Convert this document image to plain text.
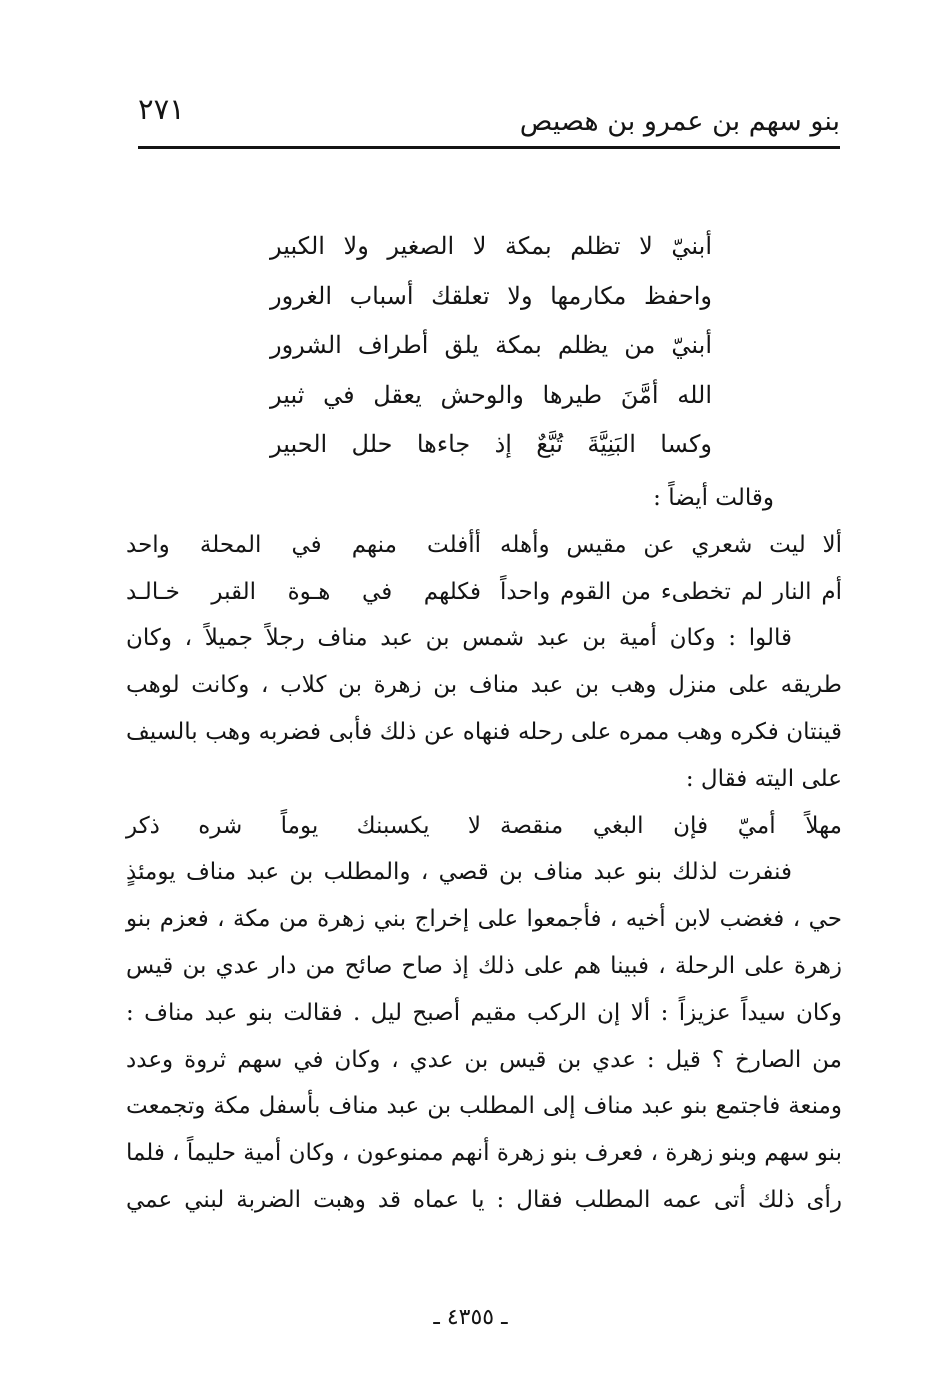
بنو سهم بن عمرو بن هصيص
٢٧١
أبنيّ لا تظلم بمكة لا الصغير ولا الكبير
واحفظ مكارمها ولا تعلقك أسباب الغرور
أبنيّ من يظلم بمكة يلق أطراف الشرور
الله أمَّنَ طيرها والوحش يعقل في ثبير
وكسا البَنِيَّةَ تُبَّعٌ إذ جاءها حلل الحبير
وقالت أيضاً :
ألا ليت شعري عن مقيس وأهله
أأفلت منهم في المحلة واحد
أم النار لم تخطىء من القوم واحداً
فكلهم في هـوة القبر خـالـد
قالوا : وكان أمية بن عبد شمس بن عبد مناف رجلاً جميلاً ، وكان
طريقه على منزل وهب بن عبد مناف بن زهرة بن كلاب ، وكانت لوهب
قينتان فكره وهب ممره على رحله فنهاه عن ذلك فأبى فضربه وهب بالسيف
على اليته فقال :
مهلاً أميّ فإن البغي منقصة
لا يكسبنك يوماً شره ذكر
فنفرت لذلك بنو عبد مناف بن قصي ، والمطلب بن عبد مناف يومئذٍ
حي ، فغضب لابن أخيه ، فأجمعوا على إخراج بني زهرة من مكة ، فعزم بنو
زهرة على الرحلة ، فبينا هم على ذلك إذ صاح صائح من دار عدي بن قيس
وكان سيداً عزيزاً : ألا إن الركب مقيم أصبح ليل . فقالت بنو عبد مناف :
من الصارخ ؟ قيل : عدي بن قيس بن عدي ، وكان في سهم ثروة وعدد
ومنعة فاجتمع بنو عبد مناف إلى المطلب بن عبد مناف بأسفل مكة وتجمعت
بنو سهم وبنو زهرة ، فعرف بنو زهرة أنهم ممنوعون ، وكان أمية حليماً ، فلما
رأى ذلك أتى عمه المطلب فقال : يا عماه قد وهبت الضربة لبني عمي
ـ ٤٣٥٥ ـ
